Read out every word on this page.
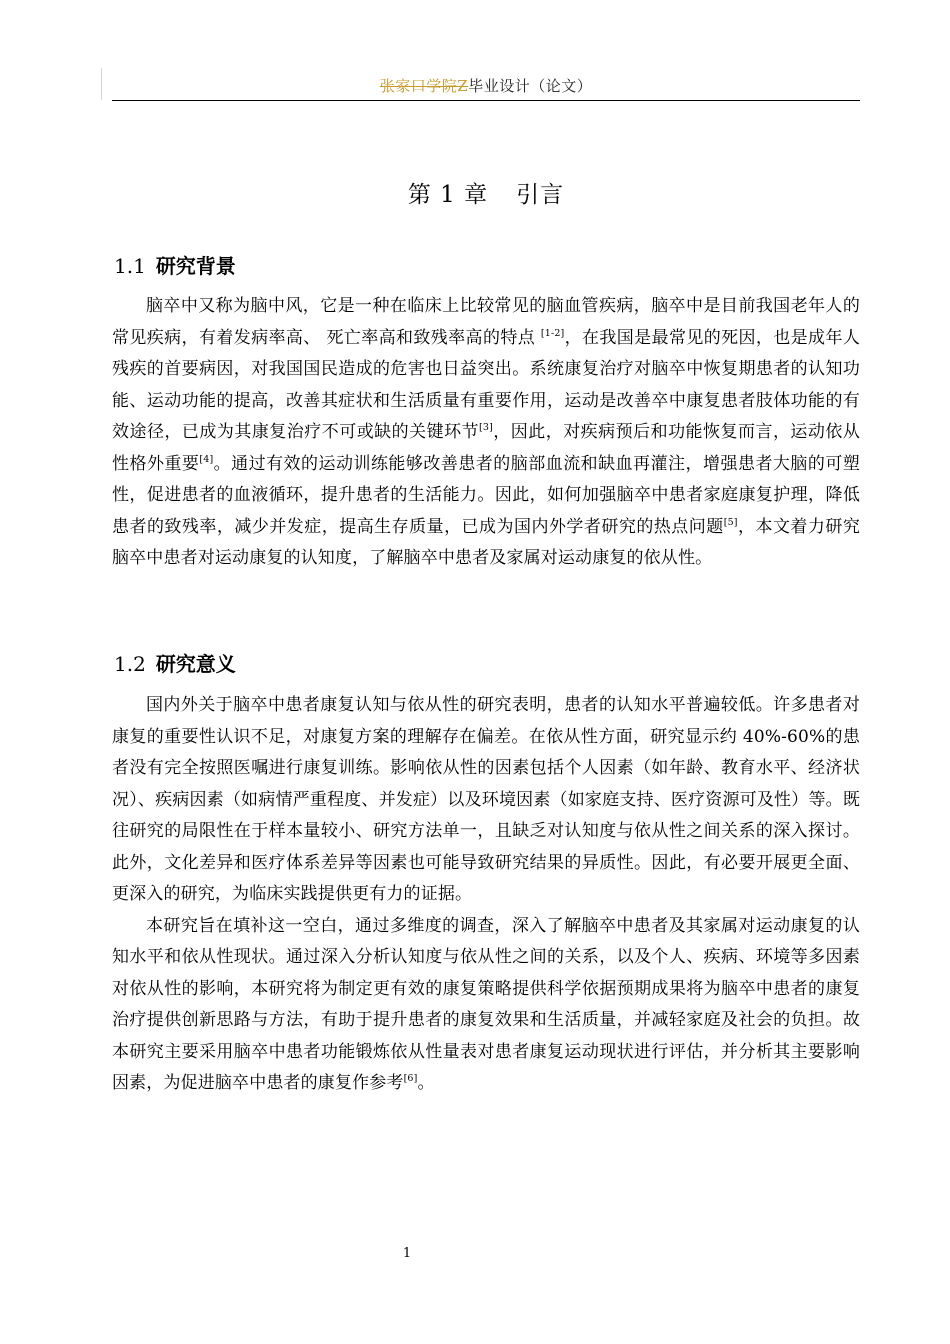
张家口学院Z毕业设计（论文）
第 1 章 引言
1.1 研究背景

脑卒中又称为脑中风，它是一种在临床上比较常见的脑血管疾病，脑卒中是目前我国老年人的常见疾病，有着发病率高、 死亡率高和致残率高的特点 [1-2]，在我国是最常见的死因，也是成年人残疾的首要病因，对我国国民造成的危害也日益突出。系统康复治疗对脑卒中恢复期患者的认知功能、运动功能的提高，改善其症状和生活质量有重要作用，运动是改善卒中康复患者肢体功能的有效途径，已成为其康复治疗不可或缺的关键环节[3]，因此，对疾病预后和功能恢复而言，运动依从性格外重要[4]。通过有效的运动训练能够改善患者的脑部血流和缺血再灌注，增强患者大脑的可塑性，促进患者的血液循环，提升患者的生活能力。因此，如何加强脑卒中患者家庭康复护理，降低患者的致残率，减少并发症，提高生存质量，已成为国内外学者研究的热点问题[5]，本文着力研究脑卒中患者对运动康复的认知度，了解脑卒中患者及家属对运动康复的依从性。

1.2 研究意义

国内外关于脑卒中患者康复认知与依从性的研究表明，患者的认知水平普遍较低。许多患者对康复的重要性认识不足，对康复方案的理解存在偏差。在依从性方面，研究显示约 40%-60%的患者没有完全按照医嘱进行康复训练。影响依从性的因素包括个人因素（如年龄、教育水平、经济状况）、疾病因素（如病情严重程度、并发症）以及环境因素（如家庭支持、医疗资源可及性）等。既往研究的局限性在于样本量较小、研究方法单一，且缺乏对认知度与依从性之间关系的深入探讨。此外，文化差异和医疗体系差异等因素也可能导致研究结果的异质性。因此，有必要开展更全面、更深入的研究，为临床实践提供更有力的证据。

本研究旨在填补这一空白，通过多维度的调查，深入了解脑卒中患者及其家属对运动康复的认知水平和依从性现状。通过深入分析认知度与依从性之间的关系，以及个人、疾病、环境等多因素对依从性的影响，本研究将为制定更有效的康复策略提供科学依据预期成果将为脑卒中患者的康复治疗提供创新思路与方法，有助于提升患者的康复效果和生活质量，并减轻家庭及社会的负担。故本研究主要采用脑卒中患者功能锻炼依从性量表对患者康复运动现状进行评估，并分析其主要影响因素，为促进脑卒中患者的康复作参考[6]。

1
